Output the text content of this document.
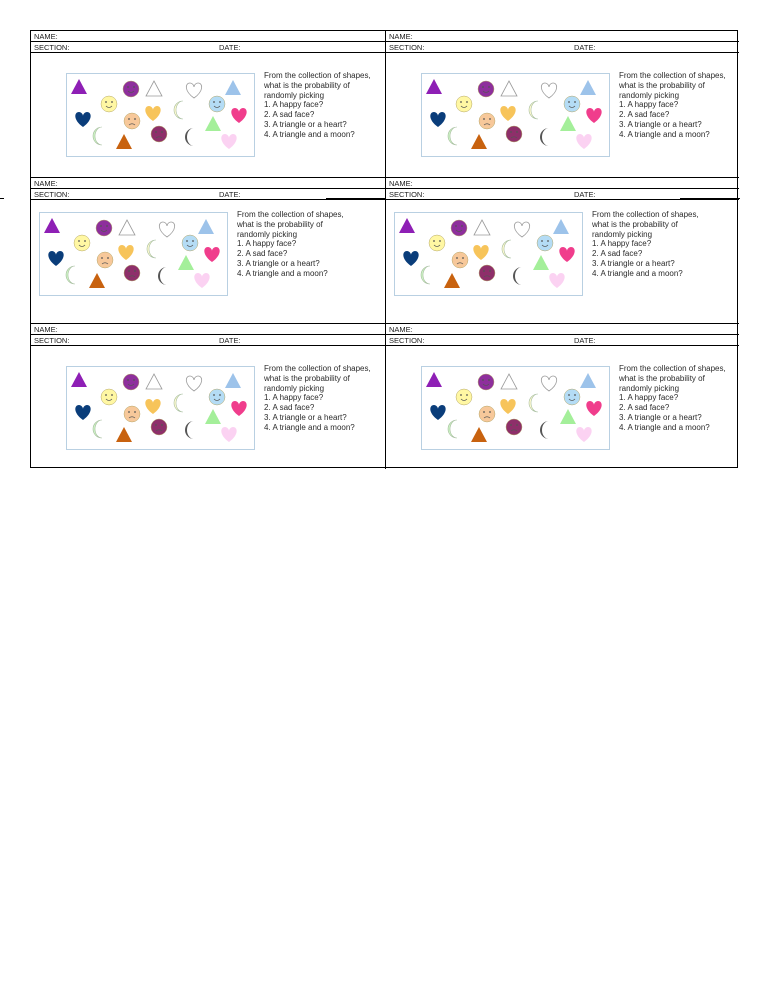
NAME:
SECTION:	DATE:
From the collection of shapes, what is the probability of randomly picking
1. A happy face?
2. A sad face?
3. A triangle or a heart?
4. A triangle and a moon?
NAME:
SECTION:	DATE:
From the collection of shapes, what is the probability of randomly picking
1. A happy face?
2. A sad face?
3. A triangle or a heart?
4. A triangle and a moon?
NAME:
SECTION:	DATE:
From the collection of shapes, what is the probability of randomly picking
1. A happy face?
2. A sad face?
3. A triangle or a heart?
4. A triangle and a moon?
NAME:
SECTION:	DATE:
From the collection of shapes, what is the probability of randomly picking
1. A happy face?
2. A sad face?
3. A triangle or a heart?
4. A triangle and a moon?
NAME:
SECTION:	DATE:
From the collection of shapes, what is the probability of randomly picking
1. A happy face?
2. A sad face?
3. A triangle or a heart?
4. A triangle and a moon?
NAME:
SECTION:	DATE:
From the collection of shapes, what is the probability of randomly picking
1. A happy face?
2. A sad face?
3. A triangle or a heart?
4. A triangle and a moon?
